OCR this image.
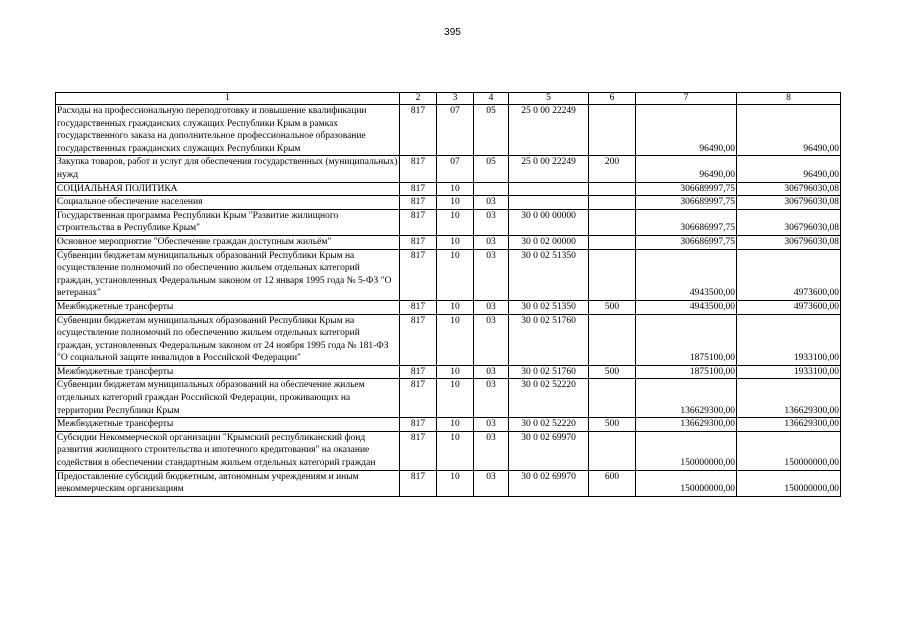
395
1	2	3	4	5	6	7	8
Расходы на профессиональную переподготовку и повышение квалификации государственных гражданских служащих Республики Крым в рамках государственного заказа на дополнительное профессиональное образование государственных гражданских служащих Республики Крым	817	07	05	25 0 00 22249		96490,00	96490,00
Закупка товаров, работ и услуг для обеспечения государственных (муниципальных) нужд	817	07	05	25 0 00 22249	200	96490,00	96490,00
СОЦИАЛЬНАЯ ПОЛИТИКА	817	10				306689997,75	306796030,08
Социальное обеспечение населения	817	10	03			306689997,75	306796030,08
Государственная программа Республики Крым "Развитие жилищного строительства в Республике Крым"	817	10	03	30 0 00 00000		306686997,75	306796030,08
Основное мероприятие "Обеспечение граждан доступным жильём"	817	10	03	30 0 02 00000		306686997,75	306796030,08
Субвенции бюджетам муниципальных образований Республики Крым на осуществление полномочий по обеспечению жильем отдельных категорий граждан, установленных Федеральным законом от 12 января 1995 года № 5-ФЗ "О ветеранах"	817	10	03	30 0 02 51350		4943500,00	4973600,00
Межбюджетные трансферты	817	10	03	30 0 02 51350	500	4943500,00	4973600,00
Субвенции бюджетам муниципальных образований Республики Крым на осуществление полномочий по обеспечению жильем отдельных категорий граждан, установленных Федеральным законом от 24 ноября 1995 года № 181-ФЗ "О социальной защите инвалидов в Российской Федерации"	817	10	03	30 0 02 51760		1875100,00	1933100,00
Межбюджетные трансферты	817	10	03	30 0 02 51760	500	1875100,00	1933100,00
Субвенции бюджетам муниципальных образований на обеспечение жильем отдельных категорий граждан Российской Федерации, проживающих на территории Республики Крым	817	10	03	30 0 02 52220		136629300,00	136629300,00
Межбюджетные трансферты	817	10	03	30 0 02 52220	500	136629300,00	136629300,00
Субсидии Некоммерческой организации "Крымский республиканский фонд развития жилищного строительства и ипотечного кредитования" на оказание содействия в обеспечении стандартным жильем отдельных категорий граждан	817	10	03	30 0 02 69970		150000000,00	150000000,00
Предоставление субсидий бюджетным, автономным учреждениям и иным некоммерческим организациям	817	10	03	30 0 02 69970	600	150000000,00	150000000,00
